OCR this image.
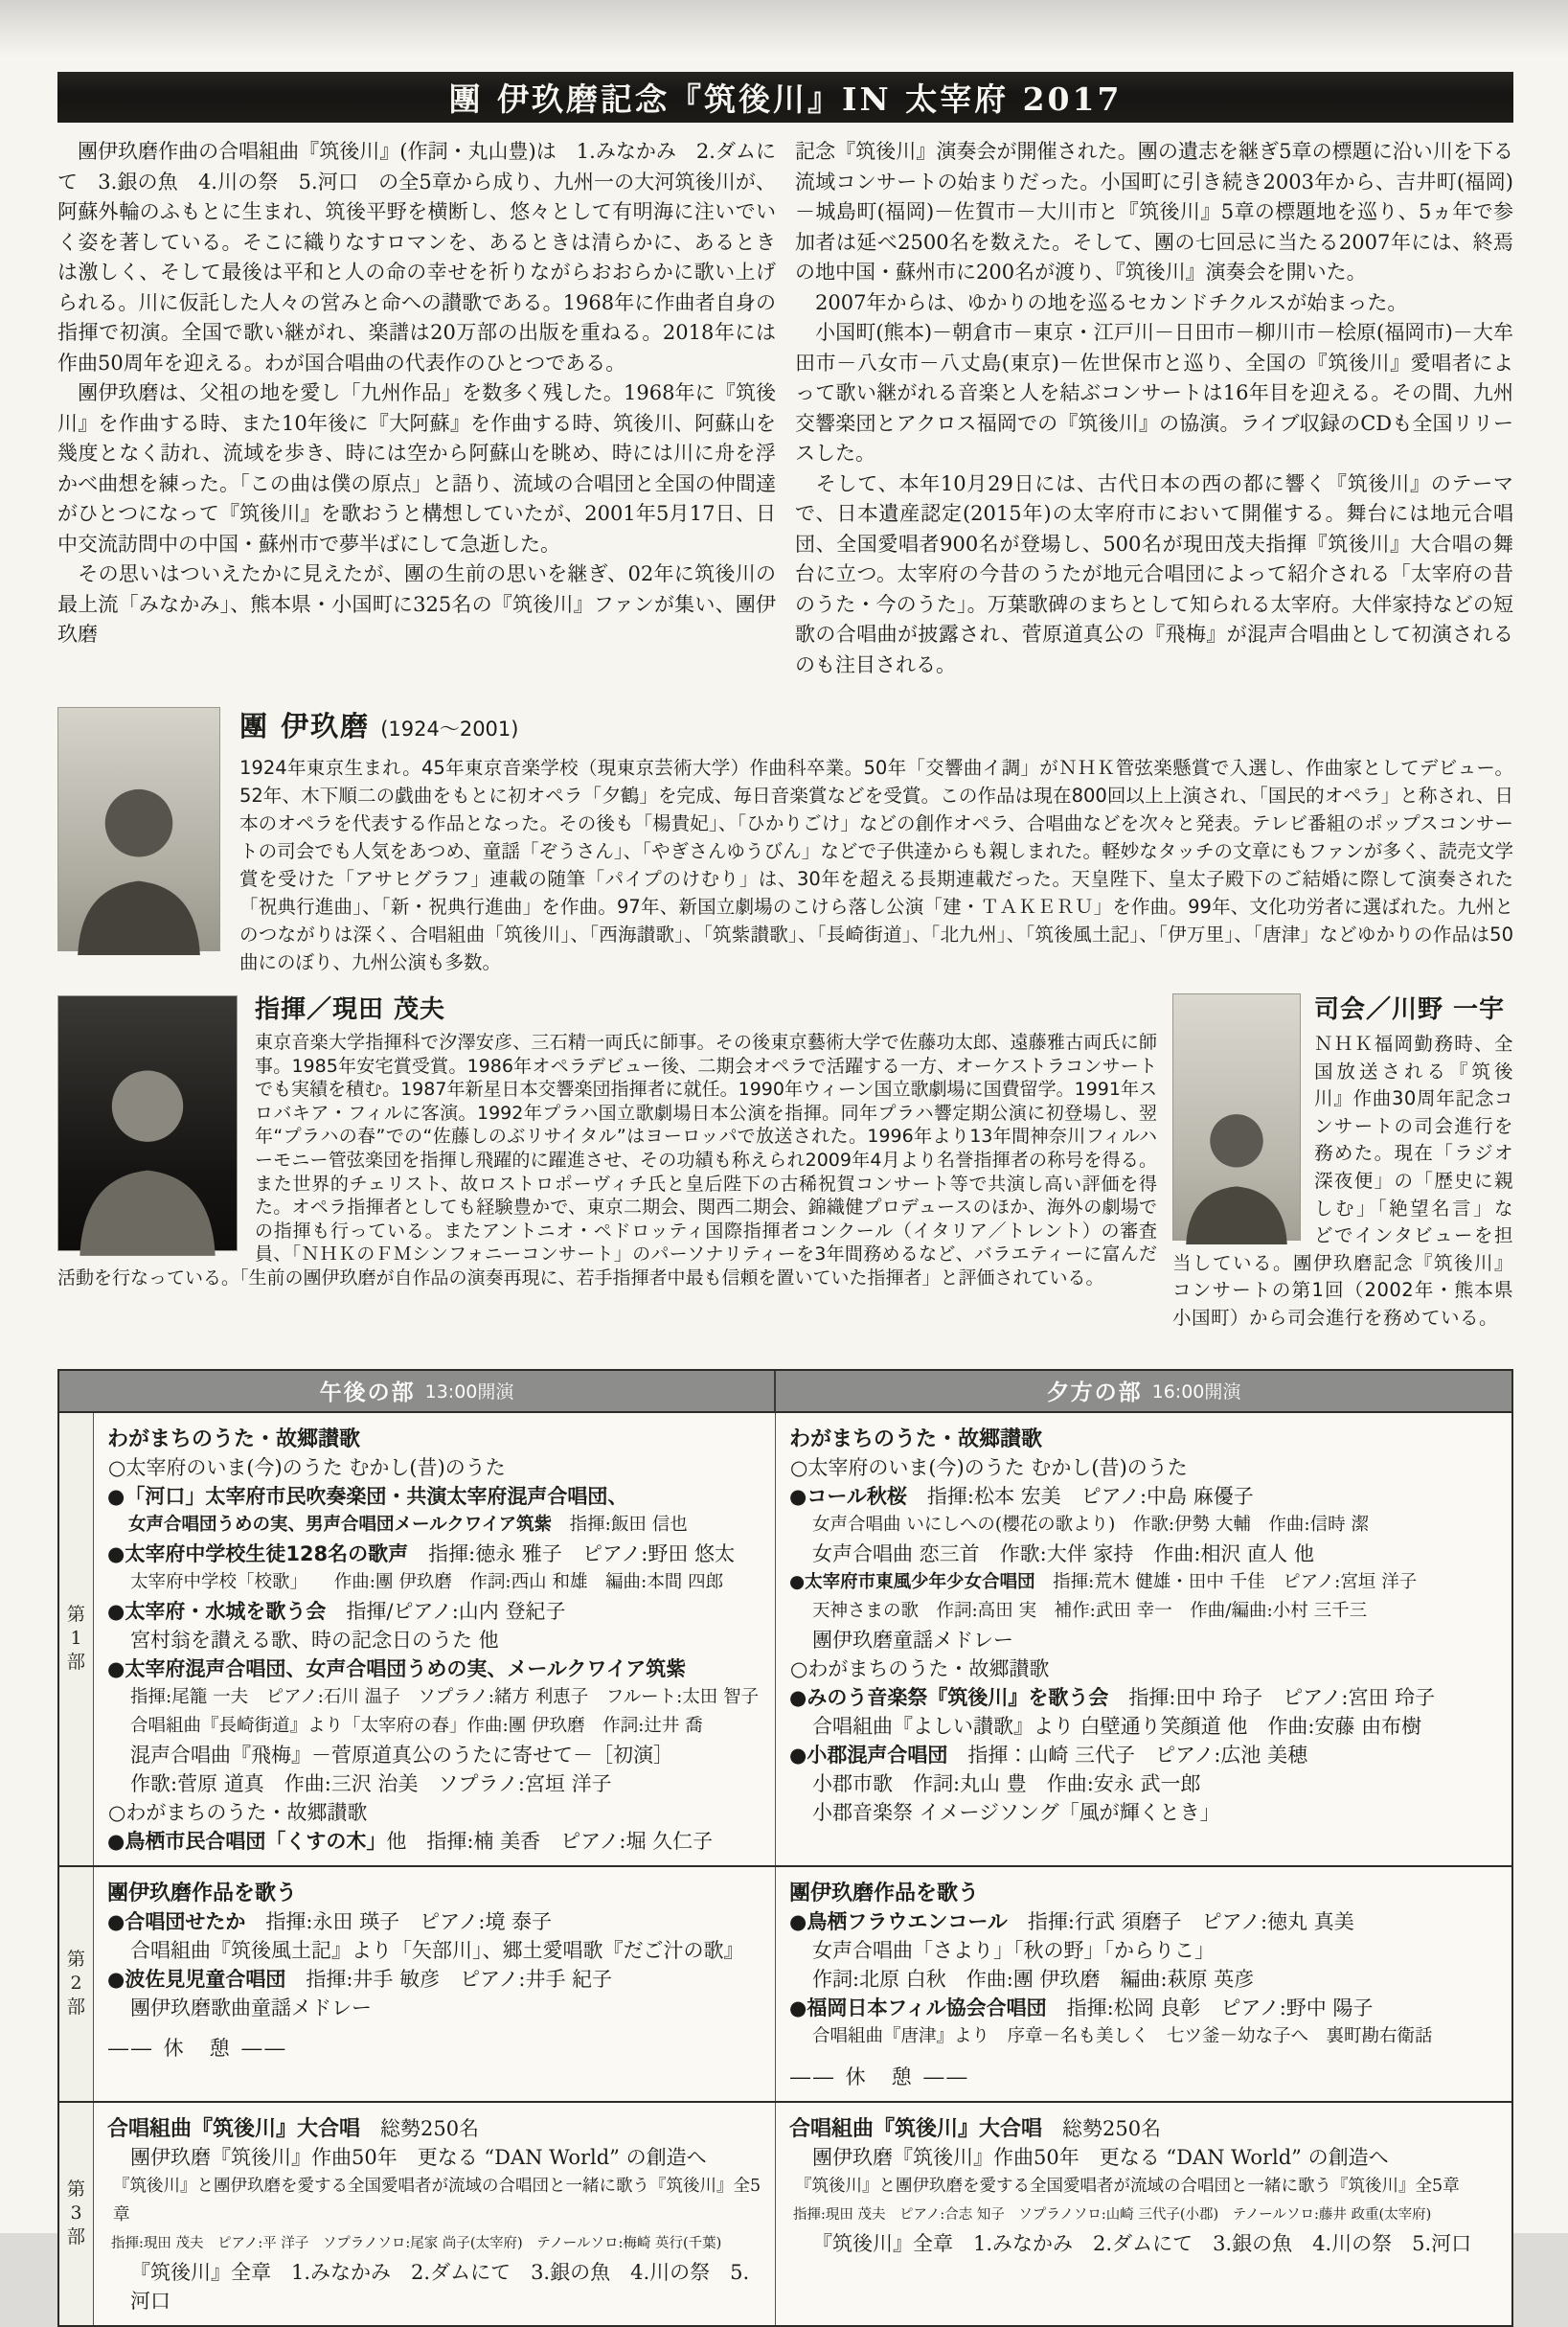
團 伊玖磨記念『筑後川』IN 太宰府 2017

　團伊玖磨作曲の合唱組曲『筑後川』(作詞・丸山豊)は　1.みなかみ　2.ダムにて　3.銀の魚　4.川の祭　5.河口　の全5章から成り、九州一の大河筑後川が、阿蘇外輪のふもとに生まれ、筑後平野を横断し、悠々として有明海に注いでいく姿を著している。そこに織りなすロマンを、あるときは清らかに、あるときは激しく、そして最後は平和と人の命の幸せを祈りながらおおらかに歌い上げられる。川に仮託した人々の営みと命への讃歌である。1968年に作曲者自身の指揮で初演。全国で歌い継がれ、楽譜は20万部の出版を重ねる。2018年には作曲50周年を迎える。わが国合唱曲の代表作のひとつである。

　團伊玖磨は、父祖の地を愛し「九州作品」を数多く残した。1968年に『筑後川』を作曲する時、また10年後に『大阿蘇』を作曲する時、筑後川、阿蘇山を幾度となく訪れ、流域を歩き、時には空から阿蘇山を眺め、時には川に舟を浮かべ曲想を練った。「この曲は僕の原点」と語り、流域の合唱団と全国の仲間達がひとつになって『筑後川』を歌おうと構想していたが、2001年5月17日、日中交流訪問中の中国・蘇州市で夢半ばにして急逝した。

　その思いはついえたかに見えたが、團の生前の思いを継ぎ、02年に筑後川の最上流「みなかみ」、熊本県・小国町に325名の『筑後川』ファンが集い、團伊玖磨

記念『筑後川』演奏会が開催された。團の遺志を継ぎ5章の標題に沿い川を下る流域コンサートの始まりだった。小国町に引き続き2003年から、吉井町(福岡)－城島町(福岡)－佐賀市－大川市と『筑後川』5章の標題地を巡り、5ヵ年で参加者は延べ2500名を数えた。そして、團の七回忌に当たる2007年には、終焉の地中国・蘇州市に200名が渡り、『筑後川』演奏会を開いた。

　2007年からは、ゆかりの地を巡るセカンドチクルスが始まった。

　小国町(熊本)－朝倉市－東京・江戸川－日田市－柳川市－桧原(福岡市)－大牟田市－八女市－八丈島(東京)－佐世保市と巡り、全国の『筑後川』愛唱者によって歌い継がれる音楽と人を結ぶコンサートは16年目を迎える。その間、九州交響楽団とアクロス福岡での『筑後川』の協演。ライブ収録のCDも全国リリースした。

　そして、本年10月29日には、古代日本の西の都に響く『筑後川』のテーマで、日本遺産認定(2015年)の太宰府市において開催する。舞台には地元合唱団、全国愛唱者900名が登場し、500名が現田茂夫指揮『筑後川』大合唱の舞台に立つ。太宰府の今昔のうたが地元合唱団によって紹介される「太宰府の昔のうた・今のうた」。万葉歌碑のまちとして知られる太宰府。大伴家持などの短歌の合唱曲が披露され、菅原道真公の『飛梅』が混声合唱曲として初演されるのも注目される。

團 伊玖磨 (1924〜2001)

1924年東京生まれ。45年東京音楽学校（現東京芸術大学）作曲科卒業。50年「交響曲イ調」がＮＨＫ管弦楽懸賞で入選し、作曲家としてデビュー。52年、木下順二の戯曲をもとに初オペラ「夕鶴」を完成、毎日音楽賞などを受賞。この作品は現在800回以上上演され、「国民的オペラ」と称され、日本のオペラを代表する作品となった。その後も「楊貴妃」、「ひかりごけ」などの創作オペラ、合唱曲などを次々と発表。テレビ番組のポップスコンサートの司会でも人気をあつめ、童謡「ぞうさん」、「やぎさんゆうびん」などで子供達からも親しまれた。軽妙なタッチの文章にもファンが多く、読売文学賞を受けた「アサヒグラフ」連載の随筆「パイプのけむり」は、30年を超える長期連載だった。天皇陛下、皇太子殿下のご結婚に際して演奏された「祝典行進曲」、「新・祝典行進曲」を作曲。97年、新国立劇場のこけら落し公演「建・ＴＡＫＥＲＵ」を作曲。99年、文化功労者に選ばれた。九州とのつながりは深く、合唱組曲「筑後川」、「西海讃歌」、「筑紫讃歌」、「長崎街道」、「北九州」、「筑後風土記」、「伊万里」、「唐津」などゆかりの作品は50曲にのぼり、九州公演も多数。

指揮／現田 茂夫

東京音楽大学指揮科で汐澤安彦、三石精一両氏に師事。その後東京藝術大学で佐藤功太郎、遠藤雅古両氏に師事。1985年安宅賞受賞。1986年オペラデビュー後、二期会オペラで活躍する一方、オーケストラコンサートでも実績を積む。1987年新星日本交響楽団指揮者に就任。1990年ウィーン国立歌劇場に国費留学。1991年スロバキア・フィルに客演。1992年プラハ国立歌劇場日本公演を指揮。同年プラハ響定期公演に初登場し、翌年“プラハの春”での“佐藤しのぶリサイタル”はヨーロッパで放送された。1996年より13年間神奈川フィルハーモニー管弦楽団を指揮し飛躍的に躍進させ、その功績も称えられ2009年4月より名誉指揮者の称号を得る。また世界的チェリスト、故ロストロポーヴィチ氏と皇后陛下の古稀祝賀コンサート等で共演し高い評価を得た。オペラ指揮者としても経験豊かで、東京二期会、関西二期会、錦織健プロデュースのほか、海外の劇場での指揮も行っている。またアントニオ・ペドロッティ国際指揮者コンクール（イタリア／トレント）の審査員、「ＮＨＫのＦＭシンフォニーコンサート」のパーソナリティーを3年間務めるなど、バラエティーに富んだ活動を行なっている。「生前の團伊玖磨が自作品の演奏再現に、若手指揮者中最も信頼を置いていた指揮者」と評価されている。

司会／川野 一宇

ＮＨＫ福岡勤務時、全国放送される『筑後川』作曲30周年記念コンサートの司会進行を務めた。現在「ラジオ深夜便」の「歴史に親しむ」「絶望名言」などでインタビューを担当している。團伊玖磨記念『筑後川』コンサートの第1回（2002年・熊本県小国町）から司会進行を務めている。

午後の部 13:00開演	夕方の部 16:00開演
第
1
部
わがまちのうた・故郷讃歌
○太宰府のいま(今)のうた むかし(昔)のうた
●「河口」太宰府市民吹奏楽団・共演太宰府混声合唱団、
女声合唱団うめの実、男声合唱団メールクワイア筑紫　指揮:飯田 信也
●太宰府中学校生徒128名の歌声　指揮:徳永 雅子　ピアノ:野田 悠太
太宰府中学校「校歌」　　作曲:團 伊玖磨　作詞:西山 和雄　編曲:本間 四郎
●太宰府・水城を歌う会　指揮/ピアノ:山内 登紀子
宮村翁を讃える歌、時の記念日のうた 他
●太宰府混声合唱団、女声合唱団うめの実、メールクワイア筑紫
指揮:尾籠 一夫　ピアノ:石川 温子　ソプラノ:緒方 利恵子　フルート:太田 智子
合唱組曲『長崎街道』より「太宰府の春」作曲:團 伊玖磨　作詞:辻井 喬
混声合唱曲『飛梅』－菅原道真公のうたに寄せて－［初演］
作歌:菅原 道真　作曲:三沢 治美　ソプラノ:宮垣 洋子
○わがまちのうた・故郷讃歌
●鳥栖市民合唱団「くすの木」他　指揮:楠 美香　ピアノ:堀 久仁子
わがまちのうた・故郷讃歌
○太宰府のいま(今)のうた むかし(昔)のうた
●コール秋桜　指揮:松本 宏美　ピアノ:中島 麻優子
女声合唱曲 いにしへの(櫻花の歌より)　作歌:伊勢 大輔　作曲:信時 潔
女声合唱曲 恋三首　作歌:大伴 家持　作曲:相沢 直人 他
●太宰府市東風少年少女合唱団　指揮:荒木 健雄・田中 千佳　ピアノ:宮垣 洋子
天神さまの歌　作詞:高田 実　補作:武田 幸一　作曲/編曲:小村 三千三
團伊玖磨童謡メドレー
○わがまちのうた・故郷讃歌
●みのう音楽祭『筑後川』を歌う会　指揮:田中 玲子　ピアノ:宮田 玲子
合唱組曲『よしい讃歌』より 白壁通り笑顔道 他　作曲:安藤 由布樹
●小郡混声合唱団　指揮：山崎 三代子　ピアノ:広池 美穂
小郡市歌　作詞:丸山 豊　作曲:安永 武一郎
小郡音楽祭 イメージソング「風が輝くとき」
第
2
部
團伊玖磨作品を歌う
●合唱団せたか　指揮:永田 瑛子　ピアノ:境 泰子
合唱組曲『筑後風土記』より「矢部川」、郷土愛唱歌『だご汁の歌』
●波佐見児童合唱団　指揮:井手 敏彦　ピアノ:井手 紀子
團伊玖磨歌曲童謡メドレー
―― 休　憩 ――
團伊玖磨作品を歌う
●鳥栖フラウエンコール　指揮:行武 須磨子　ピアノ:徳丸 真美
女声合唱曲「さより」「秋の野」「からりこ」
作詞:北原 白秋　作曲:團 伊玖磨　編曲:萩原 英彦
●福岡日本フィル協会合唱団　指揮:松岡 良彰　ピアノ:野中 陽子
合唱組曲『唐津』より　序章－名も美しく　七ツ釜－幼な子へ　裏町勘右衛話
―― 休　憩 ――
第
3
部
合唱組曲『筑後川』大合唱　総勢250名
團伊玖磨『筑後川』作曲50年　更なる “DAN World” の創造へ
『筑後川』と團伊玖磨を愛する全国愛唱者が流域の合唱団と一緒に歌う『筑後川』全5章
指揮:現田 茂夫　ピアノ:平 洋子　ソプラノソロ:尾家 尚子(太宰府)　テノールソロ:梅崎 英行(千葉)
『筑後川』全章　1.みなかみ　2.ダムにて　3.銀の魚　4.川の祭　5.河口
合唱組曲『筑後川』大合唱　総勢250名
團伊玖磨『筑後川』作曲50年　更なる “DAN World” の創造へ
『筑後川』と團伊玖磨を愛する全国愛唱者が流域の合唱団と一緒に歌う『筑後川』全5章
指揮:現田 茂夫　ピアノ:合志 知子　ソプラノソロ:山崎 三代子(小郡)　テノールソロ:藤井 政重(太宰府)
『筑後川』全章　1.みなかみ　2.ダムにて　3.銀の魚　4.川の祭　5.河口
